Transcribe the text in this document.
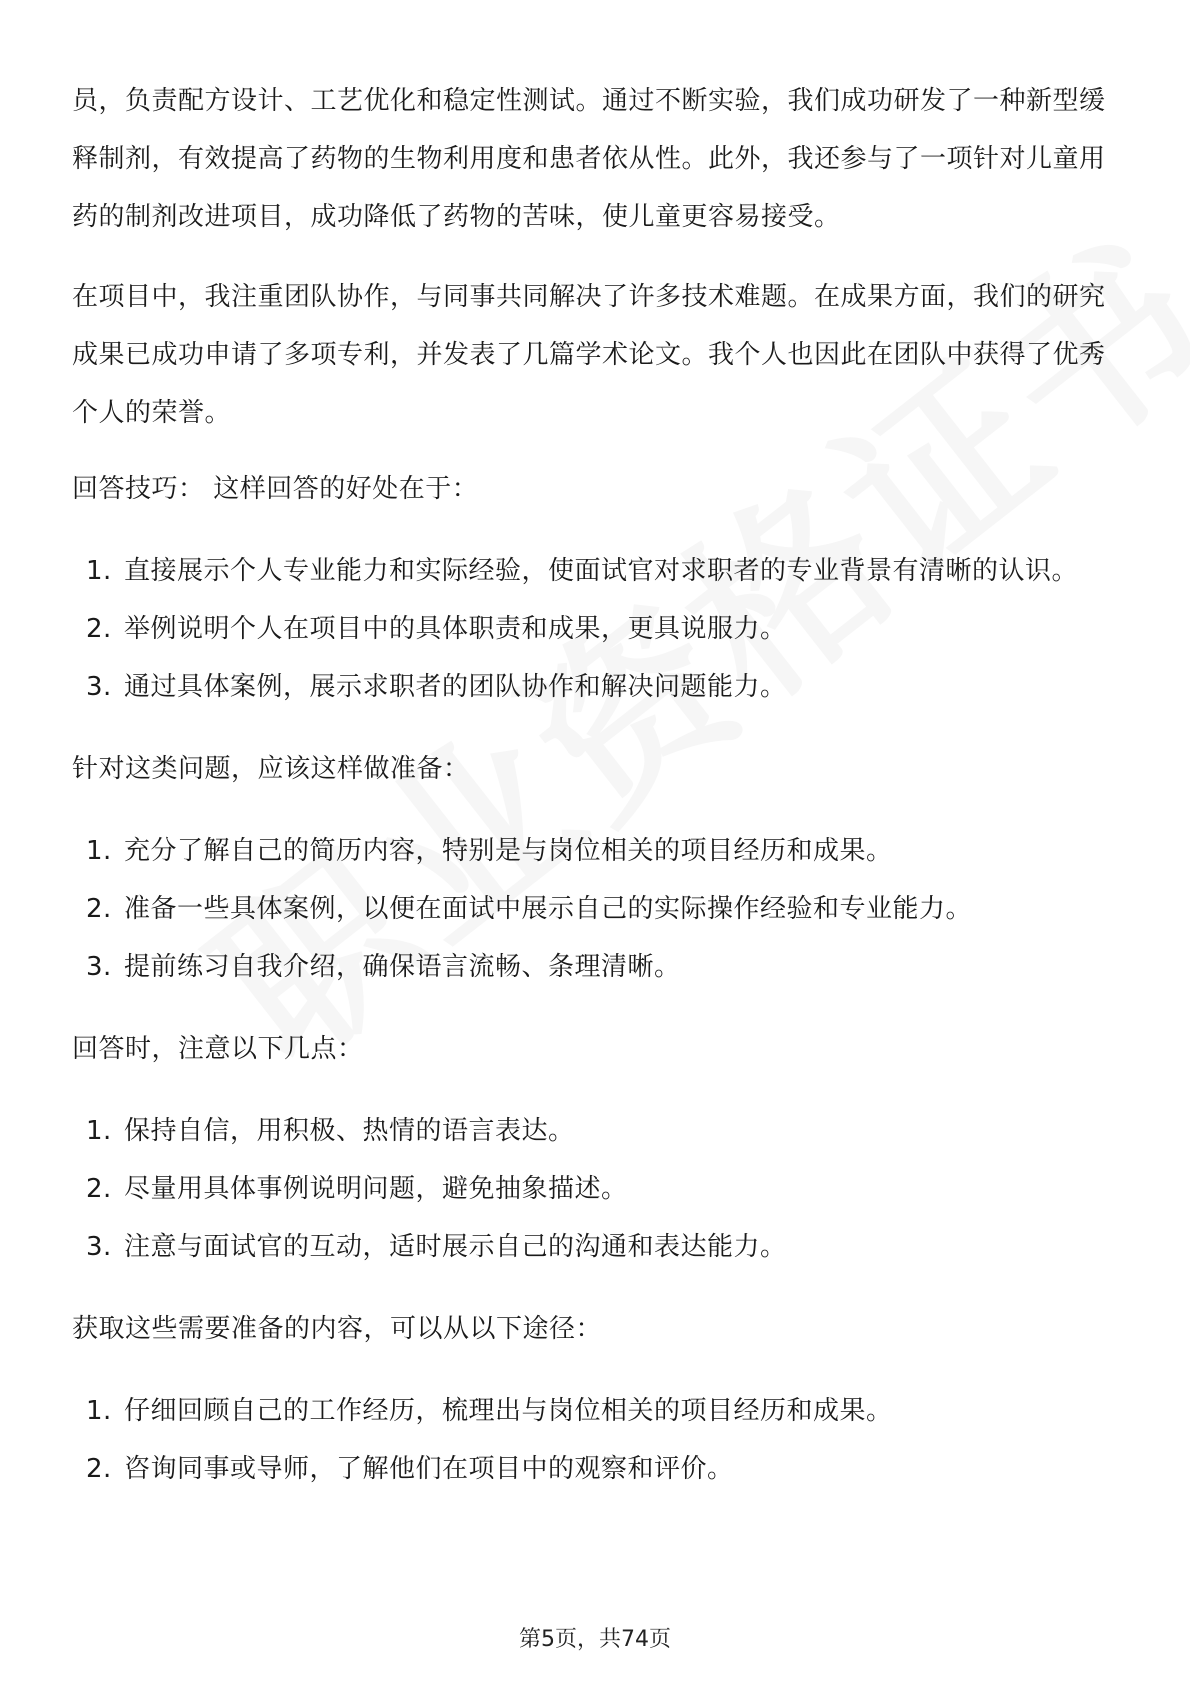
员，负责配方设计、工艺优化和稳定性测试。通过不断实验，我们成功研发了一种新型缓释制剂，有效提高了药物的生物利用度和患者依从性。此外，我还参与了一项针对儿童用药的制剂改进项目，成功降低了药物的苦味，使儿童更容易接受。

在项目中，我注重团队协作，与同事共同解决了许多技术难题。在成果方面，我们的研究成果已成功申请了多项专利，并发表了几篇学术论文。我个人也因此在团队中获得了优秀个人的荣誉。

回答技巧： 这样回答的好处在于：
1. 直接展示个人专业能力和实际经验，使面试官对求职者的专业背景有清晰的认识。
2. 举例说明个人在项目中的具体职责和成果，更具说服力。
3. 通过具体案例，展示求职者的团队协作和解决问题能力。
针对这类问题，应该这样做准备：
1. 充分了解自己的简历内容，特别是与岗位相关的项目经历和成果。
2. 准备一些具体案例，以便在面试中展示自己的实际操作经验和专业能力。
3. 提前练习自我介绍，确保语言流畅、条理清晰。
回答时，注意以下几点：
1. 保持自信，用积极、热情的语言表达。
2. 尽量用具体事例说明问题，避免抽象描述。
3. 注意与面试官的互动，适时展示自己的沟通和表达能力。
获取这些需要准备的内容，可以从以下途径：
1. 仔细回顾自己的工作经历，梳理出与岗位相关的项目经历和成果。
2. 咨询同事或导师，了解他们在项目中的观察和评价。
第5页，共74页
